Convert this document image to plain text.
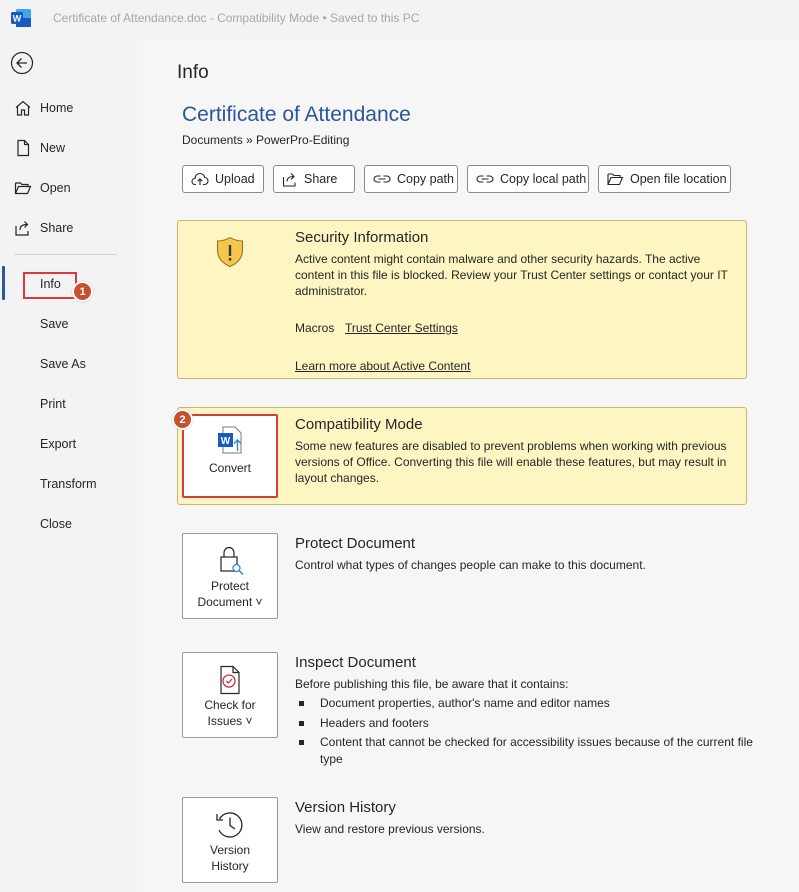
W	Certificate of Attendance.doc - Compatibility Mode • Saved to this PC
Home
New
Open
Share
Info
1
Save
Save As
Print
Export
Transform
Close
Info
Certificate of Attendance
Documents » PowerPro-Editing
Upload	Share	Copy path	Copy local path	Open file location
Security Information
Active content might contain malware and other security hazards. The active content in this file is blocked. Review your Trust Center settings or contact your IT administrator.
Macros Trust Center Settings
Learn more about Active Content
W
Convert
2	Compatibility Mode
Some new features are disabled to prevent problems when working with previous versions of Office. Converting this file will enable these features, but may result in layout changes.
Protect
Document ˅
Protect Document
Control what types of changes people can make to this document.
Check for
Issues ˅
Inspect Document
Before publishing this file, be aware that it contains:
Document properties, author's name and editor names
Headers and footers
Content that cannot be checked for accessibility issues because of the current file type
Version
History
Version History
View and restore previous versions.
